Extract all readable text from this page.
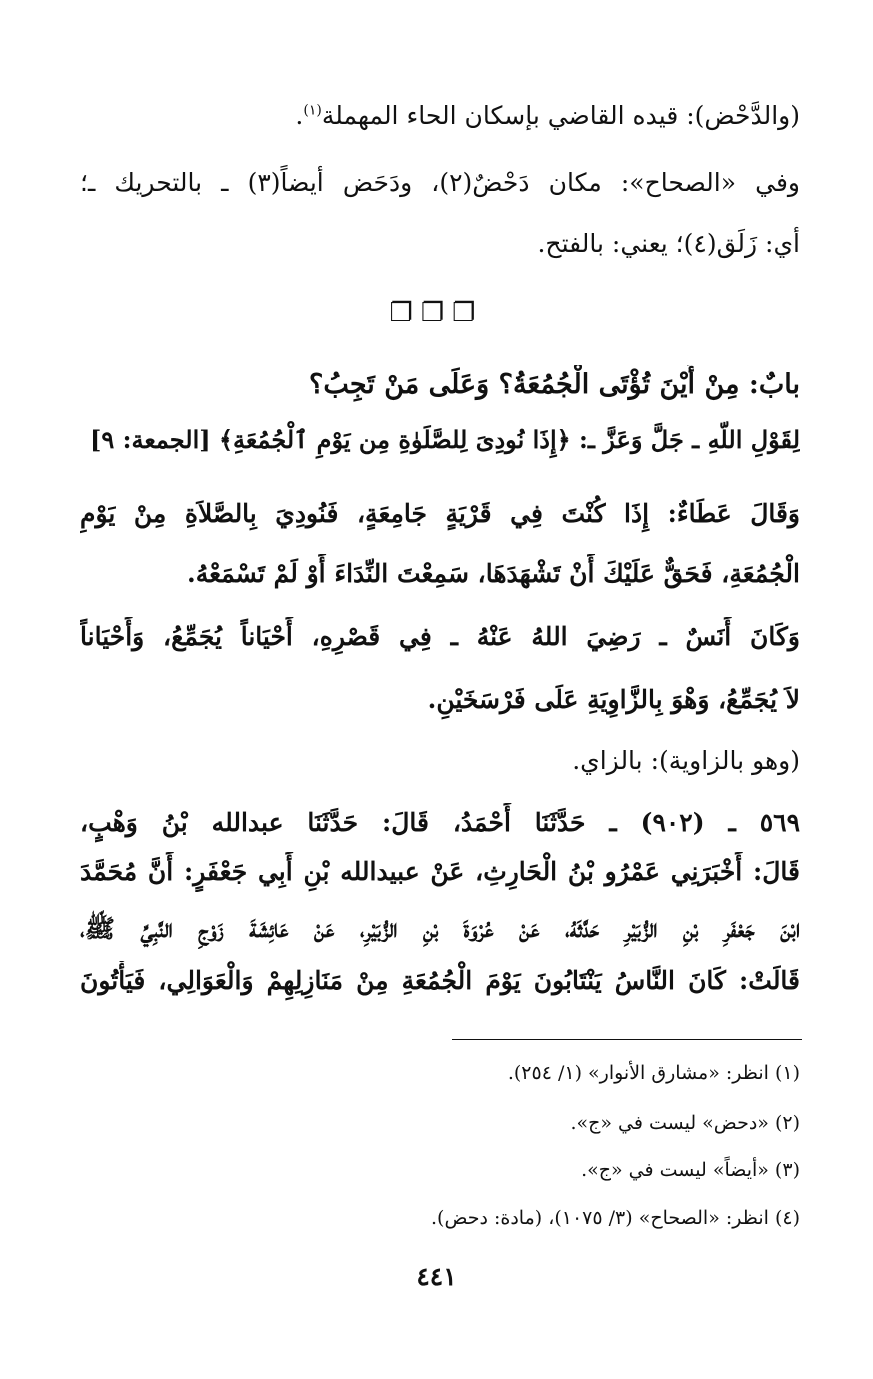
(والدَّحْض): قيده القاضي بإسكان الحاء المهملة$^{(١)}$.
وفي «الصحاح»: مكان دَحْضٌ(٢)، ودَحَض أيضاً(٣) ـ بالتحريك ـ؛
أي: زَلَق(٤)؛ يعني: بالفتح.
❐❐❐
بابٌ: مِنْ أَيْنَ تُؤْتَى الْجُمُعَةُ؟ وَعَلَى مَنْ تَجِبُ؟
لِقَوْلِ اللّهِ ـ جَلَّ وَعَزَّ ـ: ﴿إِذَا نُودِىَ لِلصَّلَوٰةِ مِن يَوْمِ ٱلْجُمُعَةِ﴾ [الجمعة: ٩]
وَقَالَ عَطَاءٌ: إِذَا كُنْتَ فِي قَرْيَةٍ جَامِعَةٍ، فَنُودِيَ بِالصَّلاَةِ مِنْ يَوْمِ
الْجُمُعَةِ، فَحَقٌّ عَلَيْكَ أَنْ تَشْهَدَهَا، سَمِعْتَ النِّدَاءَ أَوْ لَمْ تَسْمَعْهُ.
وَكَانَ أَنَسٌ ـ رَضِيَ اللهُ عَنْهُ ـ فِي قَصْرِهِ، أَحْيَاناً يُجَمِّعُ، وَأَحْيَاناً
لاَ يُجَمِّعُ، وَهْوَ بِالزَّاوِيَةِ عَلَى فَرْسَخَيْنِ.
(وهو بالزاوية): بالزاي.
٥٦٩ ـ (٩٠٢) ـ حَدَّثَنَا أَحْمَدُ، قَالَ: حَدَّثَنَا عبدالله بْنُ وَهْبٍ،
قَالَ: أَخْبَرَنِي عَمْرُو بْنُ الْحَارِثِ، عَنْ عبيدالله بْنِ أَبِي جَعْفَرٍ: أَنَّ مُحَمَّدَ
ابْنَ جَعْفَرِ بْنِ الزُّبَيْرِ حَدَّثَهُ، عَنْ عُرْوَةَ بْنِ الزُّبَيْرِ، عَنْ عَائِشَةَ زَوْجِ النَّبِيِّ ﷺ،
قَالَتْ: كَانَ النَّاسُ يَنْتَابُونَ يَوْمَ الْجُمُعَةِ مِنْ مَنَازِلِهِمْ وَالْعَوَالِي، فَيَأْتُونَ
(١) انظر: «مشارق الأنوار» (١/ ٢٥٤).
(٢) «دحض» ليست في «ج».
(٣) «أيضاً» ليست في «ج».
(٤) انظر: «الصحاح» (٣/ ١٠٧٥)، (مادة: دحض).
٤٤١
